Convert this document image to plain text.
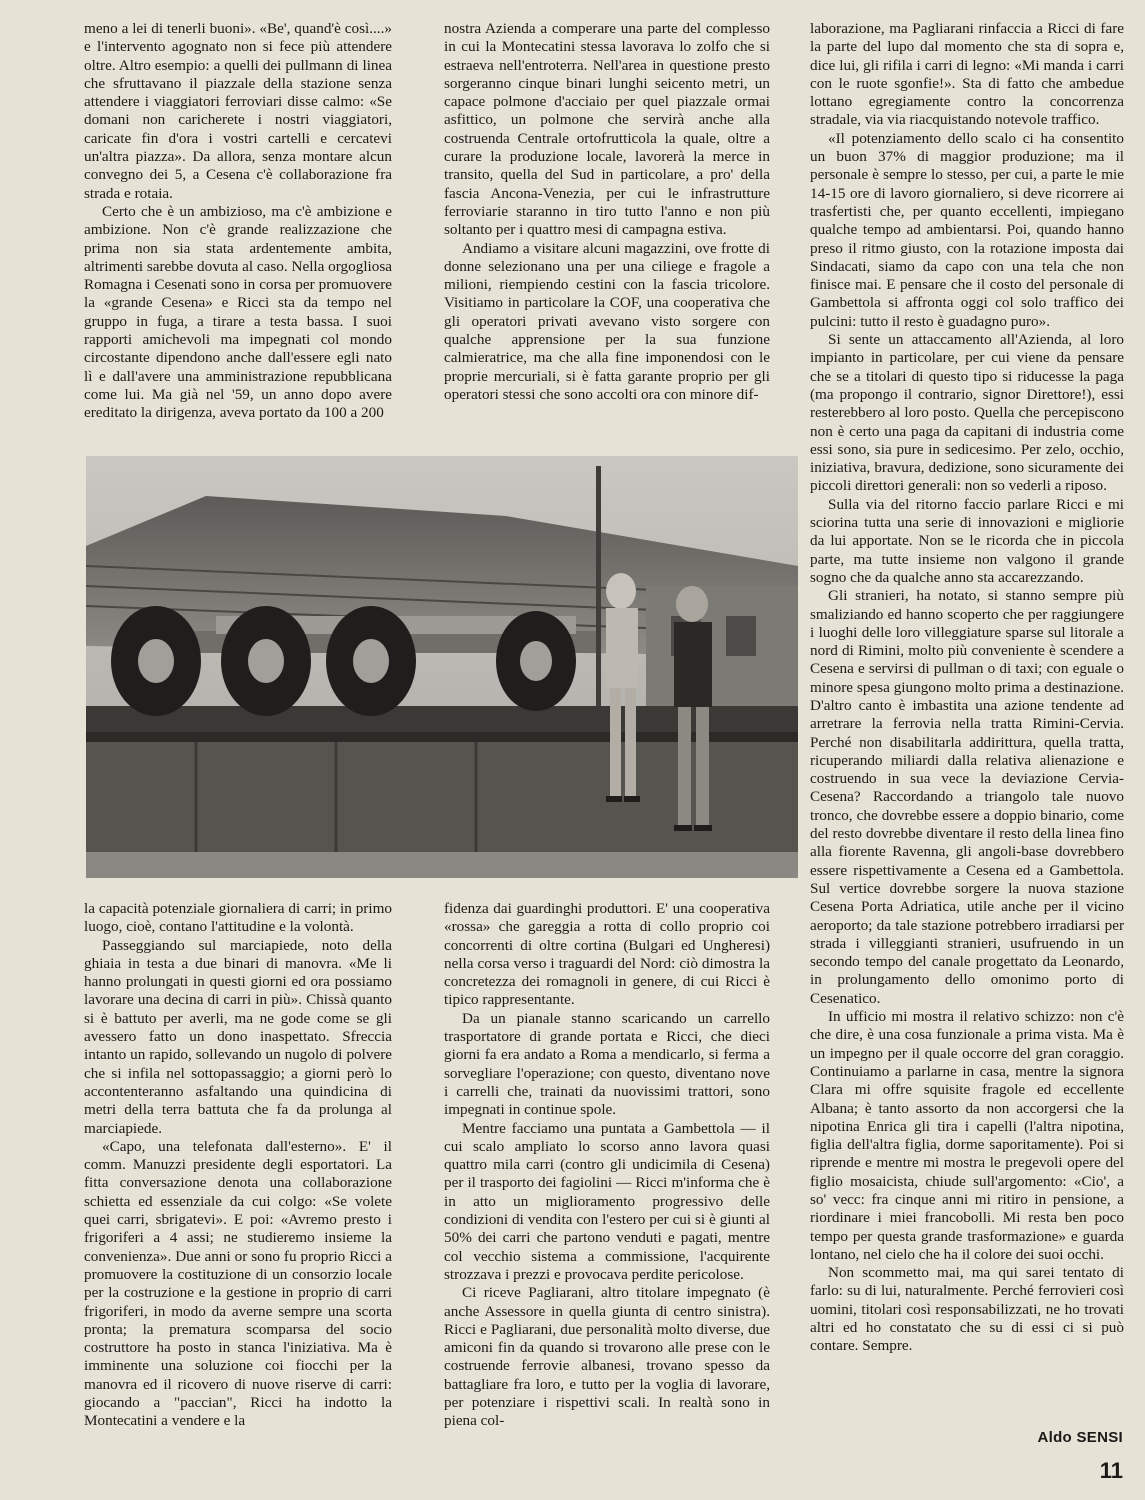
meno a lei di tenerli buoni». «Be', quand'è così....» e l'intervento agognato non si fece più attendere oltre. Altro esempio: a quelli dei pullmann di linea che sfruttavano il piazzale della stazione senza attendere i viaggiatori ferroviari disse calmo: «Se domani non caricherete i nostri viaggiatori, caricate fin d'ora i vostri cartelli e cercatevi un'altra piazza». Da allora, senza montare alcun convegno dei 5, a Cesena c'è collaborazione fra strada e rotaia.

Certo che è un ambizioso, ma c'è ambizione e ambizione. Non c'è grande realizzazione che prima non sia stata ardentemente ambita, altrimenti sarebbe dovuta al caso. Nella orgogliosa Romagna i Cesenati sono in corsa per promuovere la «grande Cesena» e Ricci sta da tempo nel gruppo in fuga, a tirare a testa bassa. I suoi rapporti amichevoli ma impegnati col mondo circostante dipendono anche dall'essere egli nato lì e dall'avere una amministrazione repubblicana come lui. Ma già nel '59, un anno dopo avere ereditato la dirigenza, aveva portato da 100 a 200

nostra Azienda a comperare una parte del complesso in cui la Montecatini stessa lavorava lo zolfo che si estraeva nell'entroterra. Nell'area in questione presto sorgeranno cinque binari lunghi seicento metri, un capace polmone d'acciaio per quel piazzale ormai asfittico, un polmone che servirà anche alla costruenda Centrale ortofrutticola la quale, oltre a curare la produzione locale, lavorerà la merce in transito, quella del Sud in particolare, a pro' della fascia Ancona-Venezia, per cui le infrastrutture ferroviarie staranno in tiro tutto l'anno e non più soltanto per i quattro mesi di campagna estiva.

Andiamo a visitare alcuni magazzini, ove frotte di donne selezionano una per una ciliege e fragole a milioni, riempiendo cestini con la fascia tricolore. Visitiamo in particolare la COF, una cooperativa che gli operatori privati avevano visto sorgere con qualche apprensione per la sua funzione calmieratrice, ma che alla fine imponendosi con le proprie mercuriali, si è fatta garante proprio per gli operatori stessi che sono accolti ora con minore dif-

laborazione, ma Pagliarani rinfaccia a Ricci di fare la parte del lupo dal momento che sta di sopra e, dice lui, gli rifila i carri di legno: «Mi manda i carri con le ruote sgonfie!». Sta di fatto che ambedue lottano egregiamente contro la concorrenza stradale, via via riacquistando notevole traffico.

«Il potenziamento dello scalo ci ha consentito un buon 37% di maggior produzione; ma il personale è sempre lo stesso, per cui, a parte le mie 14-15 ore di lavoro giornaliero, si deve ricorrere ai trasfertisti che, per quanto eccellenti, impiegano qualche tempo ad ambientarsi. Poi, quando hanno preso il ritmo giusto, con la rotazione imposta dai Sindacati, siamo da capo con una tela che non finisce mai. E pensare che il costo del personale di Gambettola si affronta oggi col solo traffico dei pulcini: tutto il resto è guadagno puro».

Si sente un attaccamento all'Azienda, al loro impianto in particolare, per cui viene da pensare che se a titolari di questo tipo si riducesse la paga (ma propongo il contrario, signor Direttore!), essi resterebbero al loro posto. Quella che percepiscono non è certo una paga da capitani di industria come essi sono, sia pure in sedicesimo. Per zelo, occhio, iniziativa, bravura, dedizione, sono sicuramente dei piccoli direttori generali: non so vederli a riposo.

Sulla via del ritorno faccio parlare Ricci e mi sciorina tutta una serie di innovazioni e migliorie da lui apportate. Non se le ricorda che in piccola parte, ma tutte insieme non valgono il grande sogno che da qualche anno sta accarezzando.

Gli stranieri, ha notato, si stanno sempre più smaliziando ed hanno scoperto che per raggiungere i luoghi delle loro villeggiature sparse sul litorale a nord di Rimini, molto più conveniente è scendere a Cesena e servirsi di pullman o di taxi; con eguale o minore spesa giungono molto prima a destinazione. D'altro canto è imbastita una azione tendente ad arretrare la ferrovia nella tratta Rimini-Cervia. Perché non disabilitarla addirittura, quella tratta, ricuperando miliardi dalla relativa alienazione e costruendo in sua vece la deviazione Cervia-Cesena? Raccordando a triangolo tale nuovo tronco, che dovrebbe essere a doppio binario, come del resto dovrebbe diventare il resto della linea fino alla fiorente Ravenna, gli angoli-base dovrebbero essere rispettivamente a Cesena ed a Gambettola. Sul vertice dovrebbe sorgere la nuova stazione Cesena Porta Adriatica, utile anche per il vicino aeroporto; da tale stazione potrebbero irradiarsi per strada i villeggianti stranieri, usufruendo in un secondo tempo del canale progettato da Leonardo, in prolungamento dello omonimo porto di Cesenatico.

In ufficio mi mostra il relativo schizzo: non c'è che dire, è una cosa funzionale a prima vista. Ma è un impegno per il quale occorre del gran coraggio. Continuiamo a parlarne in casa, mentre la signora Clara mi offre squisite fragole ed eccellente Albana; è tanto assorto da non accorgersi che la nipotina Enrica gli tira i capelli (l'altra nipotina, figlia dell'altra figlia, dorme saporitamente). Poi si riprende e mentre mi mostra le pregevoli opere del figlio mosaicista, chiude sull'argomento: «Cio', a so' vecc: fra cinque anni mi ritiro in pensione, a riordinare i miei francobolli. Mi resta ben poco tempo per questa grande trasformazione» e guarda lontano, nel cielo che ha il colore dei suoi occhi.

Non scommetto mai, ma qui sarei tentato di farlo: su di lui, naturalmente. Perché ferrovieri così uomini, titolari così responsabilizzati, ne ho trovati altri ed ho constatato che su di essi ci si può contare. Sempre.

la capacità potenziale giornaliera di carri; in primo luogo, cioè, contano l'attitudine e la volontà.

Passeggiando sul marciapiede, noto della ghiaia in testa a due binari di manovra. «Me li hanno prolungati in questi giorni ed ora possiamo lavorare una decina di carri in più». Chissà quanto si è battuto per averli, ma ne gode come se gli avessero fatto un dono inaspettato. Sfreccia intanto un rapido, sollevando un nugolo di polvere che si infila nel sottopassaggio; a giorni però lo accontenteranno asfaltando una quindicina di metri della terra battuta che fa da prolunga al marciapiede.

«Capo, una telefonata dall'esterno». E' il comm. Manuzzi presidente degli esportatori. La fitta conversazione denota una collaborazione schietta ed essenziale da cui colgo: «Se volete quei carri, sbrigatevi». E poi: «Avremo presto i frigoriferi a 4 assi; ne studieremo insieme la convenienza». Due anni or sono fu proprio Ricci a promuovere la costituzione di un consorzio locale per la costruzione e la gestione in proprio di carri frigoriferi, in modo da averne sempre una scorta pronta; la prematura scomparsa del socio costruttore ha posto in stanca l'iniziativa. Ma è imminente una soluzione coi fiocchi per la manovra ed il ricovero di nuove riserve di carri: giocando a "paccian", Ricci ha indotto la Montecatini a vendere e la

fidenza dai guardinghi produttori. E' una cooperativa «rossa» che gareggia a rotta di collo proprio coi concorrenti di oltre cortina (Bulgari ed Ungheresi) nella corsa verso i traguardi del Nord: ciò dimostra la concretezza dei romagnoli in genere, di cui Ricci è tipico rappresentante.

Da un pianale stanno scaricando un carrello trasportatore di grande portata e Ricci, che dieci giorni fa era andato a Roma a mendicarlo, si ferma a sorvegliare l'operazione; con questo, diventano nove i carrelli che, trainati da nuovissimi trattori, sono impegnati in continue spole.

Mentre facciamo una puntata a Gambettola — il cui scalo ampliato lo scorso anno lavora quasi quattro mila carri (contro gli undicimila di Cesena) per il trasporto dei fagiolini — Ricci m'informa che è in atto un miglioramento progressivo delle condizioni di vendita con l'estero per cui si è giunti al 50% dei carri che partono venduti e pagati, mentre col vecchio sistema a commissione, l'acquirente strozzava i prezzi e provocava perdite pericolose.

Ci riceve Pagliarani, altro titolare impegnato (è anche Assessore in quella giunta di centro sinistra). Ricci e Pagliarani, due personalità molto diverse, due amiconi fin da quando si trovarono alle prese con le costruende ferrovie albanesi, trovano spesso da battagliare fra loro, e tutto per la voglia di lavorare, per potenziare i rispettivi scali. In realtà sono in piena col-

Aldo SENSI
11
